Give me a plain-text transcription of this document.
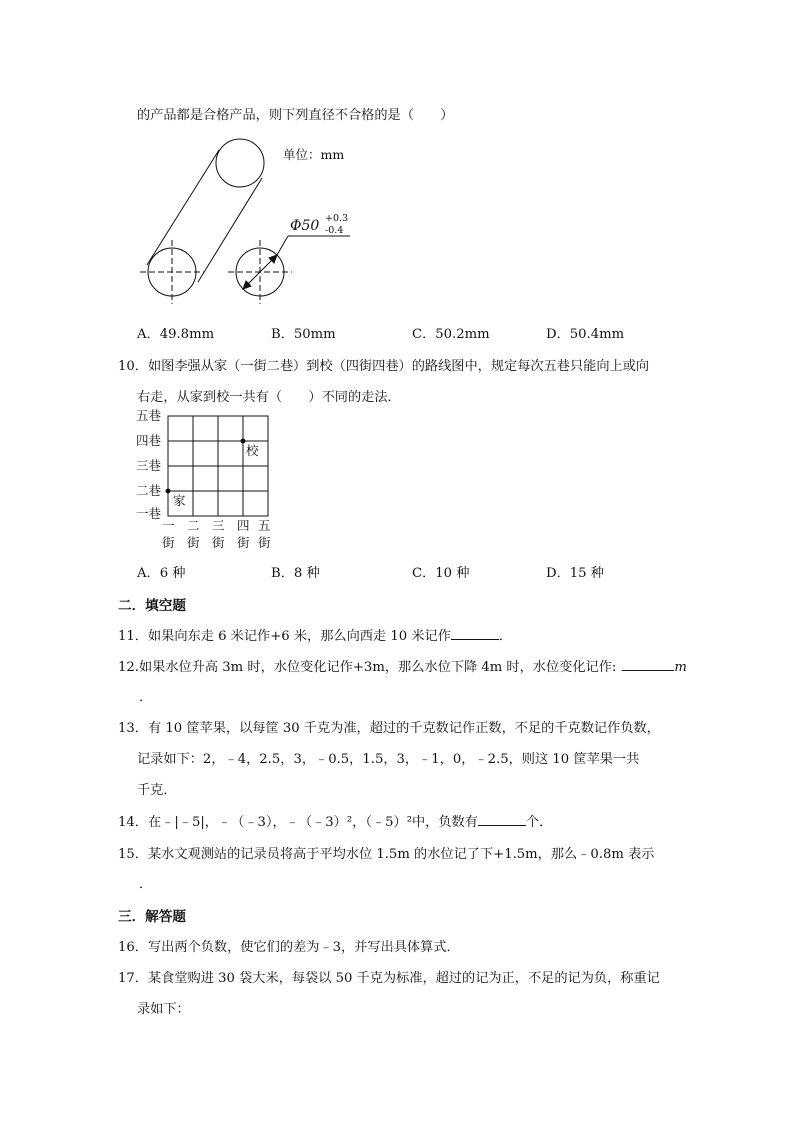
的产品都是合格产品，则下列直径不合格的是（　　）
单位：mm
Φ50 +0.3
-0.4
A．49.8mm	B．50mm	C．50.2mm	D．50.4mm
10．如图李强从家（一街二巷）到校（四街四巷）的路线图中，规定每次五巷只能向上或向
右走，从家到校一共有（　　）不同的走法．
家
校
五巷
四巷
三巷
二巷
一巷
一 二 三 四 五
街 街 街 街 街
A．6 种	B．8 种	C．10 种	D．15 种
二．填空题
11．如果向东走 6 米记作+6 米，那么向西走 10 米记作	．
12.如果水位升高 3m 时，水位变化记作+3m，那么水位下降 4m 时，水位变化记作:	m
．
13．有 10 筐苹果，以每筐 30 千克为准，超过的千克数记作正数，不足的千克数记作负数，
记录如下：2，﹣4，2.5，3，﹣0.5，1.5，3，﹣1，0，﹣2.5，则这 10 筐苹果一共
千克．
14．在﹣|﹣5|，﹣（﹣3），﹣（﹣3）²，（﹣5）²中，负数有	个．
15．某水文观测站的记录员将高于平均水位 1.5m 的水位记了下+1.5m，那么﹣0.8m 表示
．
三．解答题
16．写出两个负数，使它们的差为﹣3，并写出具体算式．
17．某食堂购进 30 袋大米，每袋以 50 千克为标准，超过的记为正，不足的记为负，称重记
录如下：
